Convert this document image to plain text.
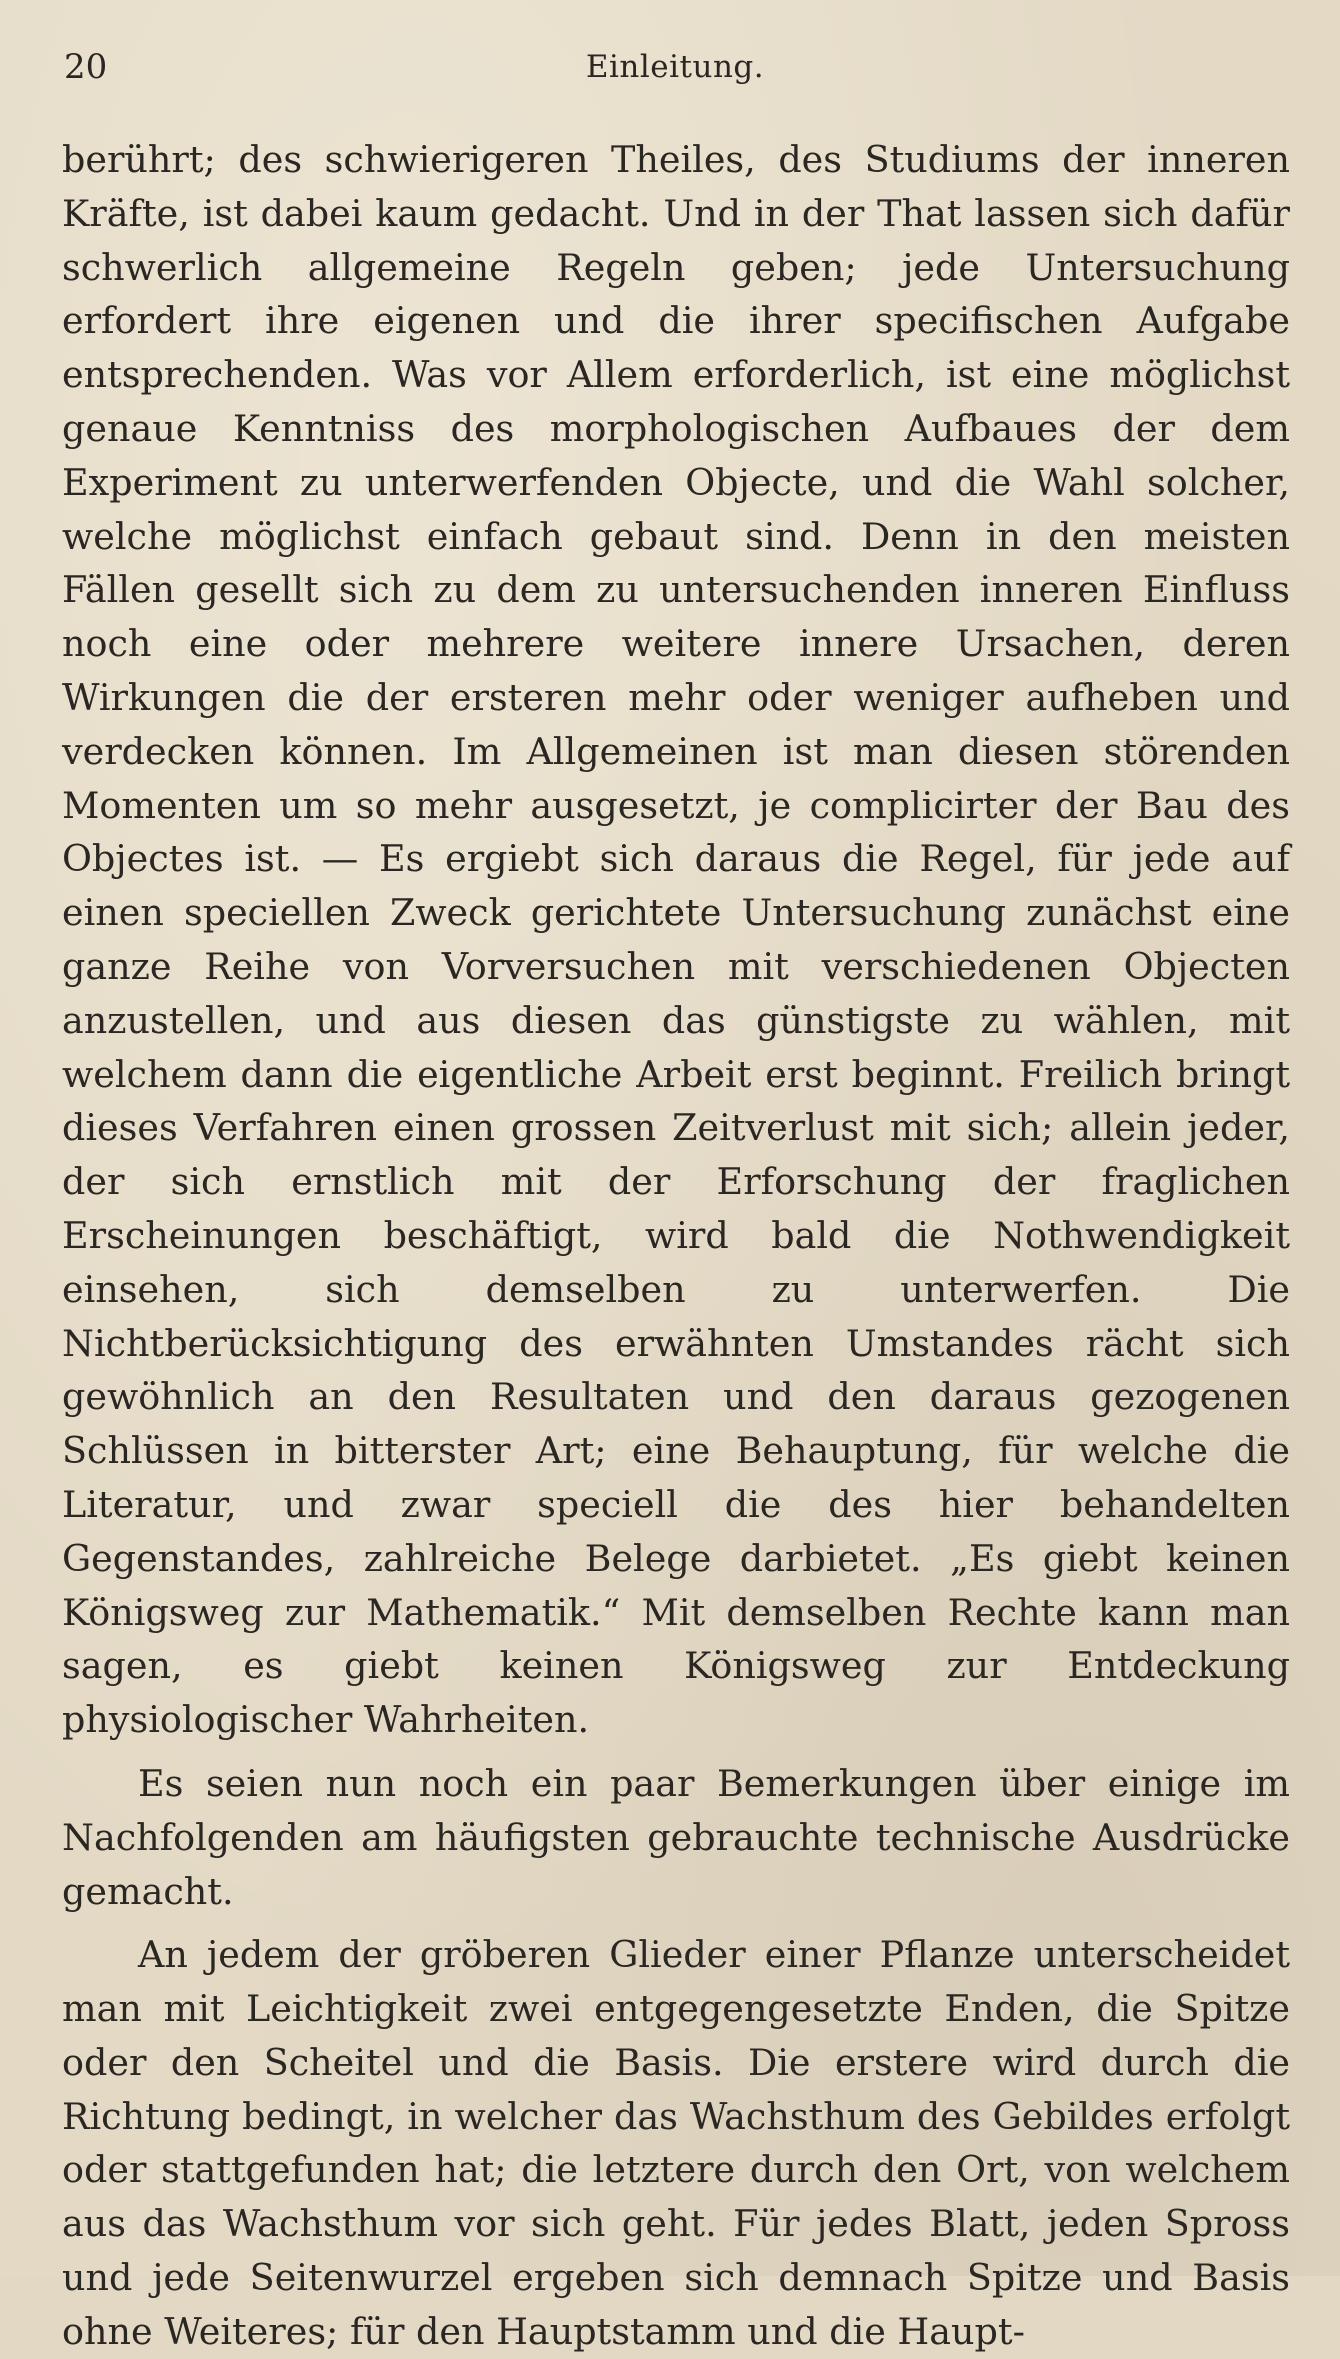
20	Einleitung.

berührt; des schwierigeren Theiles, des Studiums der inneren Kräfte, ist dabei kaum gedacht. Und in der That lassen sich dafür schwerlich allgemeine Regeln geben; jede Untersuchung erfordert ihre eigenen und die ihrer specifischen Aufgabe entsprechenden. Was vor Allem erforderlich, ist eine möglichst genaue Kenntniss des morphologischen Aufbaues der dem Experiment zu unterwerfenden Objecte, und die Wahl solcher, welche möglichst einfach gebaut sind. Denn in den meisten Fällen gesellt sich zu dem zu untersuchenden inneren Einfluss noch eine oder mehrere weitere innere Ursachen, deren Wirkungen die der ersteren mehr oder weniger aufheben und verdecken können. Im Allgemeinen ist man diesen störenden Momenten um so mehr ausgesetzt, je complicirter der Bau des Objectes ist. — Es ergiebt sich daraus die Regel, für jede auf einen speciellen Zweck gerichtete Untersuchung zunächst eine ganze Reihe von Vorversuchen mit verschiedenen Objecten anzustellen, und aus diesen das günstigste zu wählen, mit welchem dann die eigentliche Arbeit erst beginnt. Freilich bringt dieses Verfahren einen grossen Zeitverlust mit sich; allein jeder, der sich ernstlich mit der Erforschung der fraglichen Erscheinungen beschäftigt, wird bald die Nothwendigkeit einsehen, sich demselben zu unterwerfen. Die Nichtberücksichtigung des erwähnten Umstandes rächt sich gewöhnlich an den Resultaten und den daraus gezogenen Schlüssen in bitterster Art; eine Behauptung, für welche die Literatur, und zwar speciell die des hier behandelten Gegenstandes, zahlreiche Belege darbietet. „Es giebt keinen Königsweg zur Mathematik.“ Mit demselben Rechte kann man sagen, es giebt keinen Königsweg zur Entdeckung physiologischer Wahrheiten.

Es seien nun noch ein paar Bemerkungen über einige im Nachfolgenden am häufigsten gebrauchte technische Ausdrücke gemacht.

An jedem der gröberen Glieder einer Pflanze unterscheidet man mit Leichtigkeit zwei entgegengesetzte Enden, die Spitze oder den Scheitel und die Basis. Die erstere wird durch die Richtung bedingt, in welcher das Wachsthum des Gebildes erfolgt oder stattgefunden hat; die letztere durch den Ort, von welchem aus das Wachsthum vor sich geht. Für jedes Blatt, jeden Spross und jede Seitenwurzel ergeben sich demnach Spitze und Basis ohne Weiteres; für den Hauptstamm und die Haupt-
